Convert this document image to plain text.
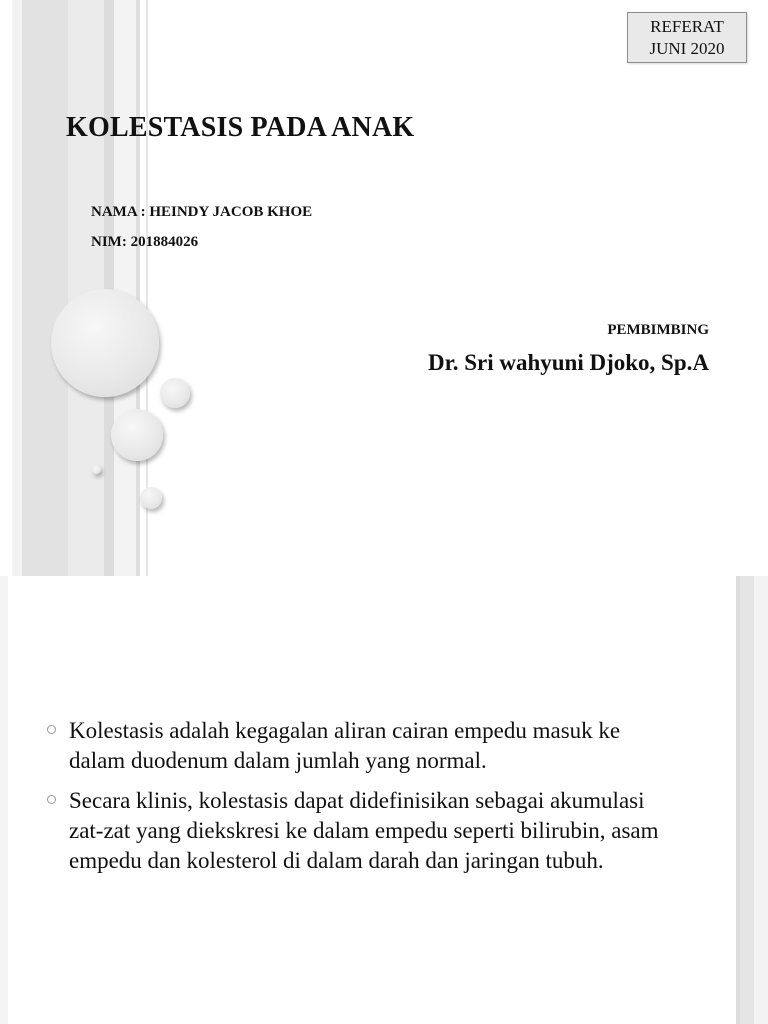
REFERAT
JUNI 2020
KOLESTASIS PADA ANAK
NAMA : HEINDY JACOB KHOE
NIM: 201884026
PEMBIMBING
Dr. Sri wahyuni Djoko, Sp.A
Kolestasis adalah kegagalan aliran cairan empedu masuk ke dalam duodenum dalam jumlah yang normal.
Secara klinis, kolestasis dapat didefinisikan sebagai akumulasi zat-zat yang diekskresi ke dalam empedu seperti bilirubin, asam empedu dan kolesterol di dalam darah dan jaringan tubuh.
